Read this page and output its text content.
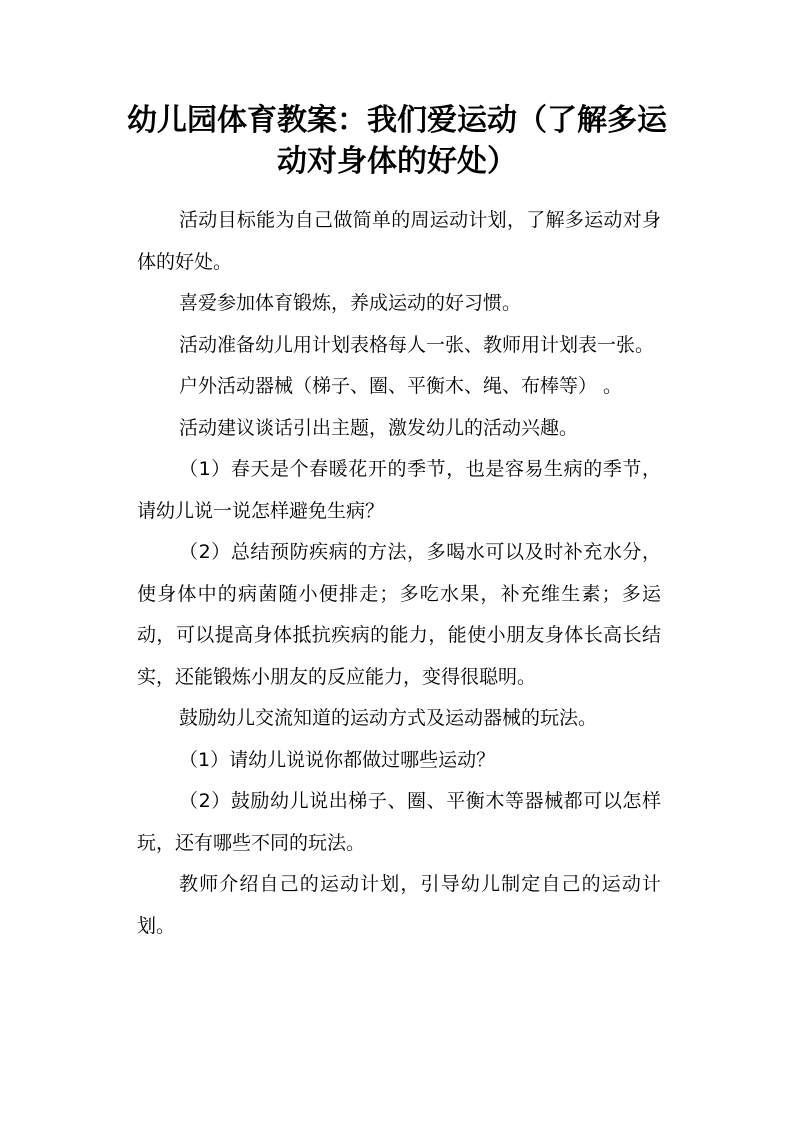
幼儿园体育教案：我们爱运动（了解多运动对身体的好处）

活动目标能为自己做简单的周运动计划，了解多运动对身体的好处。

喜爱参加体育锻炼，养成运动的好习惯。

活动准备幼儿用计划表格每人一张、教师用计划表一张。

户外活动器械（梯子、圈、平衡木、绳、布棒等） 。

活动建议谈话引出主题，激发幼儿的活动兴趣。

（1）春天是个春暖花开的季节，也是容易生病的季节，请幼儿说一说怎样避免生病？

（2）总结预防疾病的方法，多喝水可以及时补充水分，使身体中的病菌随小便排走；多吃水果，补充维生素；多运动，可以提高身体抵抗疾病的能力，能使小朋友身体长高长结实，还能锻炼小朋友的反应能力，变得很聪明。

鼓励幼儿交流知道的运动方式及运动器械的玩法。

（1）请幼儿说说你都做过哪些运动？

（2）鼓励幼儿说出梯子、圈、平衡木等器械都可以怎样玩，还有哪些不同的玩法。

教师介绍自己的运动计划，引导幼儿制定自己的运动计划。
